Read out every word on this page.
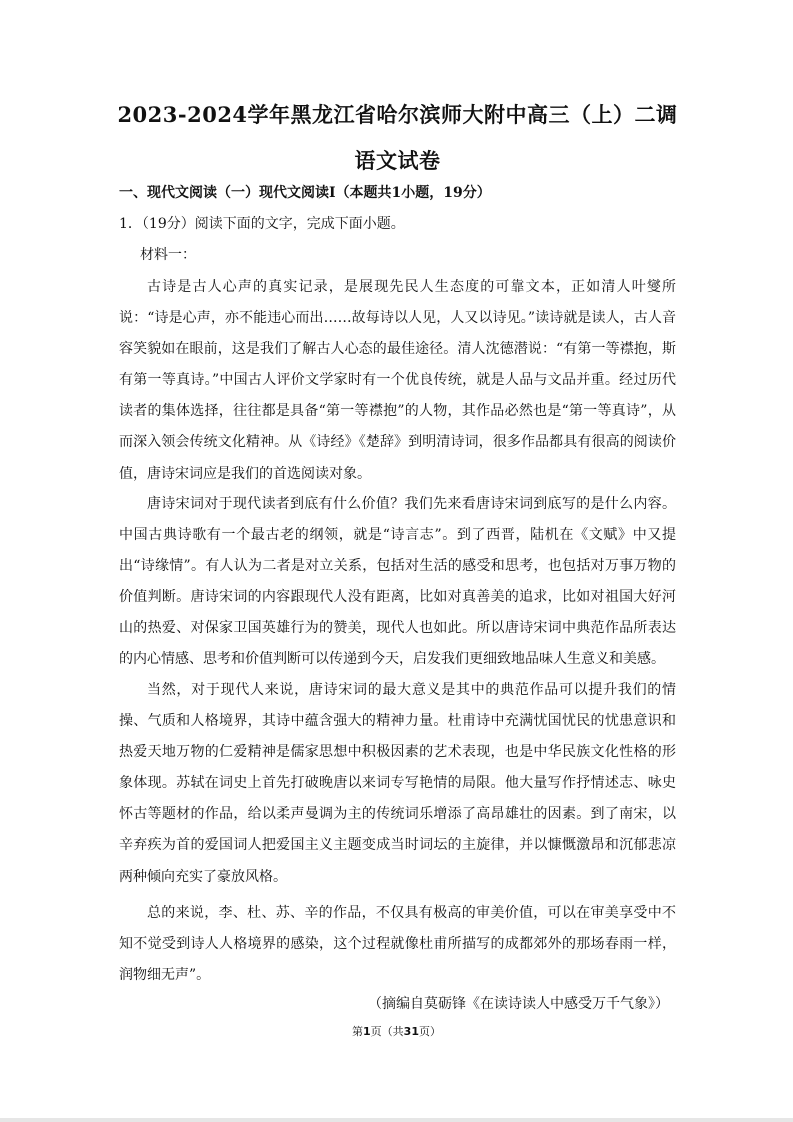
2023-2024学年黑龙江省哈尔滨师大附中高三（上）二调语文试卷
一、现代文阅读（一）现代文阅读Ⅰ（本题共1小题，19分）
1．（19分）阅读下面的文字，完成下面小题。
材料一：

古诗是古人心声的真实记录，是展现先民人生态度的可靠文本，正如清人叶燮所说：“诗是心声，亦不能违心而出……故每诗以人见，人又以诗见。”读诗就是读人，古人音容笑貌如在眼前，这是我们了解古人心态的最佳途径。清人沈德潜说：“有第一等襟抱，斯有第一等真诗。”中国古人评价文学家时有一个优良传统，就是人品与文品并重。经过历代读者的集体选择，往往都是具备“第一等襟抱”的人物，其作品必然也是“第一等真诗”，从而深入领会传统文化精神。从《诗经》《楚辞》到明清诗词，很多作品都具有很高的阅读价值，唐诗宋词应是我们的首选阅读对象。

唐诗宋词对于现代读者到底有什么价值？我们先来看唐诗宋词到底写的是什么内容。中国古典诗歌有一个最古老的纲领，就是“诗言志”。到了西晋，陆机在《文赋》中又提出“诗缘情”。有人认为二者是对立关系，包括对生活的感受和思考，也包括对万事万物的价值判断。唐诗宋词的内容跟现代人没有距离，比如对真善美的追求，比如对祖国大好河山的热爱、对保家卫国英雄行为的赞美，现代人也如此。所以唐诗宋词中典范作品所表达的内心情感、思考和价值判断可以传递到今天，启发我们更细致地品味人生意义和美感。

当然，对于现代人来说，唐诗宋词的最大意义是其中的典范作品可以提升我们的情操、气质和人格境界，其诗中蕴含强大的精神力量。杜甫诗中充满忧国忧民的忧患意识和热爱天地万物的仁爱精神是儒家思想中积极因素的艺术表现，也是中华民族文化性格的形象体现。苏轼在词史上首先打破晚唐以来词专写艳情的局限。他大量写作抒情述志、咏史怀古等题材的作品，给以柔声曼调为主的传统词乐增添了高昂雄壮的因素。到了南宋，以辛弃疾为首的爱国词人把爱国主义主题变成当时词坛的主旋律，并以慷慨激昂和沉郁悲凉两种倾向充实了豪放风格。

总的来说，李、杜、苏、辛的作品，不仅具有极高的审美价值，可以在审美享受中不知不觉受到诗人人格境界的感染，这个过程就像杜甫所描写的成都郊外的那场春雨一样，润物细无声”。

（摘编自莫砺锋《在读诗读人中感受万千气象》）
第1页（共31页）
